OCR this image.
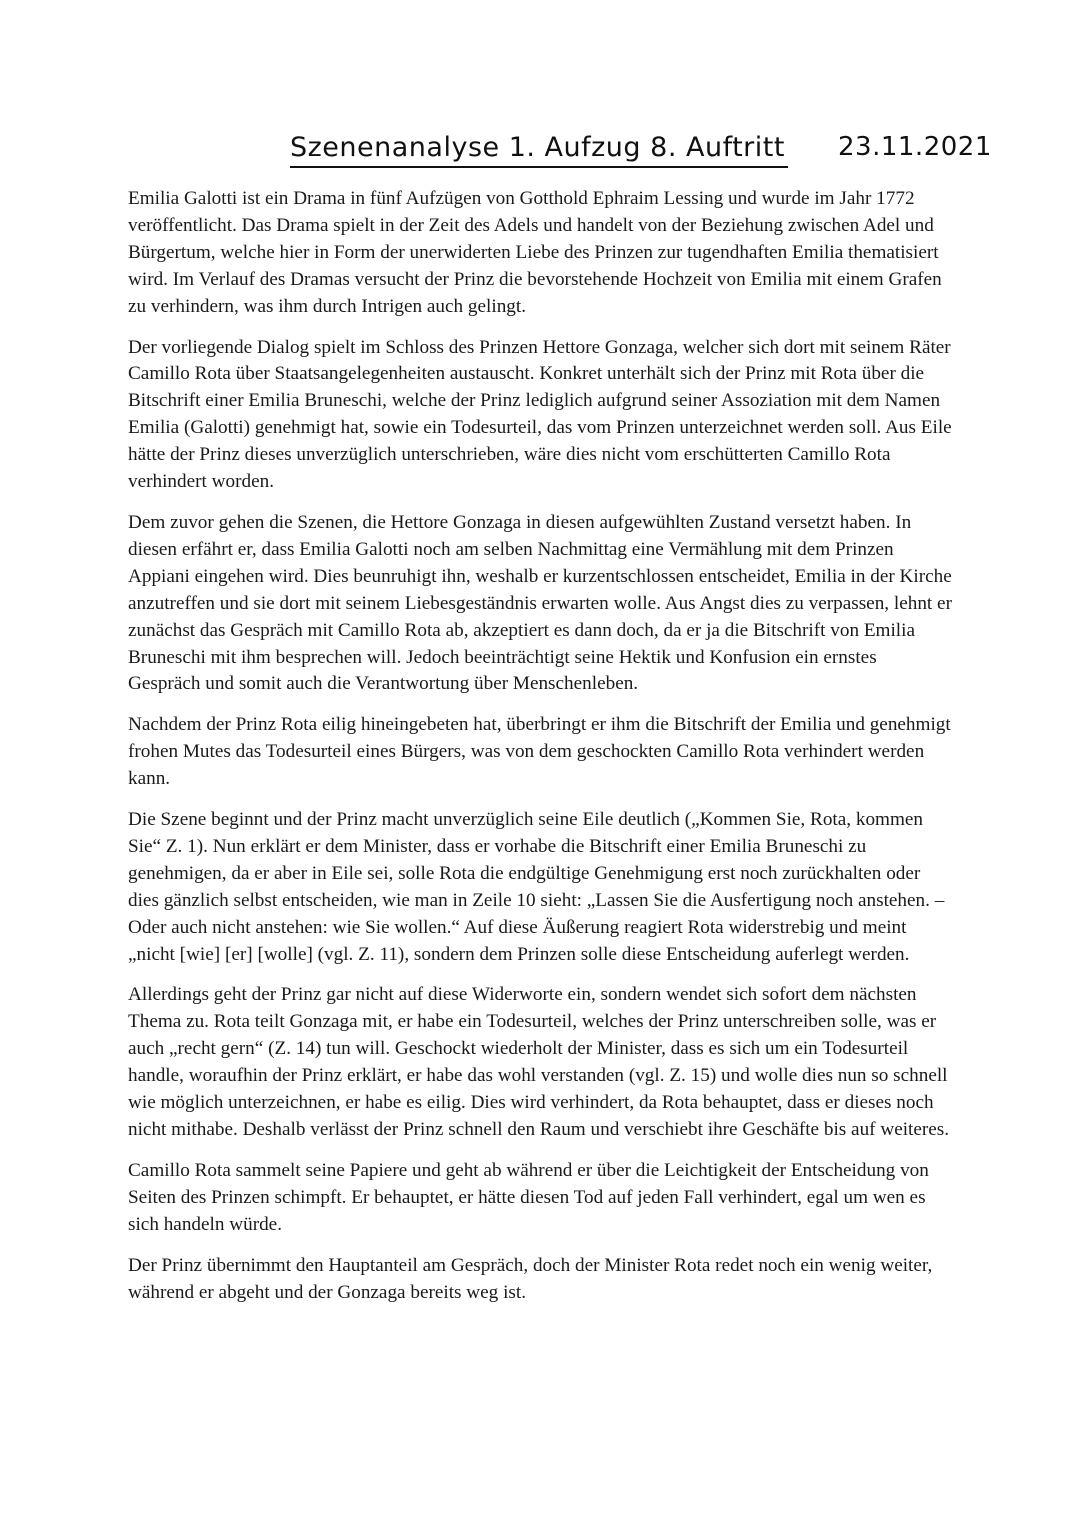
Szenenanalyse 1. Aufzug 8. Auftritt 23.11.2021

Emilia Galotti ist ein Drama in fünf Aufzügen von Gotthold Ephraim Lessing und wurde im Jahr 1772 veröffentlicht. Das Drama spielt in der Zeit des Adels und handelt von der Beziehung zwischen Adel und Bürgertum, welche hier in Form der unerwiderten Liebe des Prinzen zur tugendhaften Emilia thematisiert wird. Im Verlauf des Dramas versucht der Prinz die bevorstehende Hochzeit von Emilia mit einem Grafen zu verhindern, was ihm durch Intrigen auch gelingt.

Der vorliegende Dialog spielt im Schloss des Prinzen Hettore Gonzaga, welcher sich dort mit seinem Räter Camillo Rota über Staatsangelegenheiten austauscht. Konkret unterhält sich der Prinz mit Rota über die Bitschrift einer Emilia Bruneschi, welche der Prinz lediglich aufgrund seiner Assoziation mit dem Namen Emilia (Galotti) genehmigt hat, sowie ein Todesurteil, das vom Prinzen unterzeichnet werden soll. Aus Eile hätte der Prinz dieses unverzüglich unterschrieben, wäre dies nicht vom erschütterten Camillo Rota verhindert worden.

Dem zuvor gehen die Szenen, die Hettore Gonzaga in diesen aufgewühlten Zustand versetzt haben. In diesen erfährt er, dass Emilia Galotti noch am selben Nachmittag eine Vermählung mit dem Prinzen Appiani eingehen wird. Dies beunruhigt ihn, weshalb er kurzentschlossen entscheidet, Emilia in der Kirche anzutreffen und sie dort mit seinem Liebesgeständnis erwarten wolle. Aus Angst dies zu verpassen, lehnt er zunächst das Gespräch mit Camillo Rota ab, akzeptiert es dann doch, da er ja die Bitschrift von Emilia Bruneschi mit ihm besprechen will. Jedoch beeinträchtigt seine Hektik und Konfusion ein ernstes Gespräch und somit auch die Verantwortung über Menschenleben.

Nachdem der Prinz Rota eilig hineingebeten hat, überbringt er ihm die Bitschrift der Emilia und genehmigt frohen Mutes das Todesurteil eines Bürgers, was von dem geschockten Camillo Rota verhindert werden kann.

Die Szene beginnt und der Prinz macht unverzüglich seine Eile deutlich („Kommen Sie, Rota, kommen Sie“ Z. 1). Nun erklärt er dem Minister, dass er vorhabe die Bitschrift einer Emilia Bruneschi zu genehmigen, da er aber in Eile sei, solle Rota die endgültige Genehmigung erst noch zurückhalten oder dies gänzlich selbst entscheiden, wie man in Zeile 10 sieht: „Lassen Sie die Ausfertigung noch anstehen. – Oder auch nicht anstehen: wie Sie wollen.“ Auf diese Äußerung reagiert Rota widerstrebig und meint „nicht [wie] [er] [wolle] (vgl. Z. 11), sondern dem Prinzen solle diese Entscheidung auferlegt werden.

Allerdings geht der Prinz gar nicht auf diese Widerworte ein, sondern wendet sich sofort dem nächsten Thema zu. Rota teilt Gonzaga mit, er habe ein Todesurteil, welches der Prinz unterschreiben solle, was er auch „recht gern“ (Z. 14) tun will. Geschockt wiederholt der Minister, dass es sich um ein Todesurteil handle, woraufhin der Prinz erklärt, er habe das wohl verstanden (vgl. Z. 15) und wolle dies nun so schnell wie möglich unterzeichnen, er habe es eilig. Dies wird verhindert, da Rota behauptet, dass er dieses noch nicht mithabe. Deshalb verlässt der Prinz schnell den Raum und verschiebt ihre Geschäfte bis auf weiteres.

Camillo Rota sammelt seine Papiere und geht ab während er über die Leichtigkeit der Entscheidung von Seiten des Prinzen schimpft. Er behauptet, er hätte diesen Tod auf jeden Fall verhindert, egal um wen es sich handeln würde.

Der Prinz übernimmt den Hauptanteil am Gespräch, doch der Minister Rota redet noch ein wenig weiter, während er abgeht und der Gonzaga bereits weg ist.
